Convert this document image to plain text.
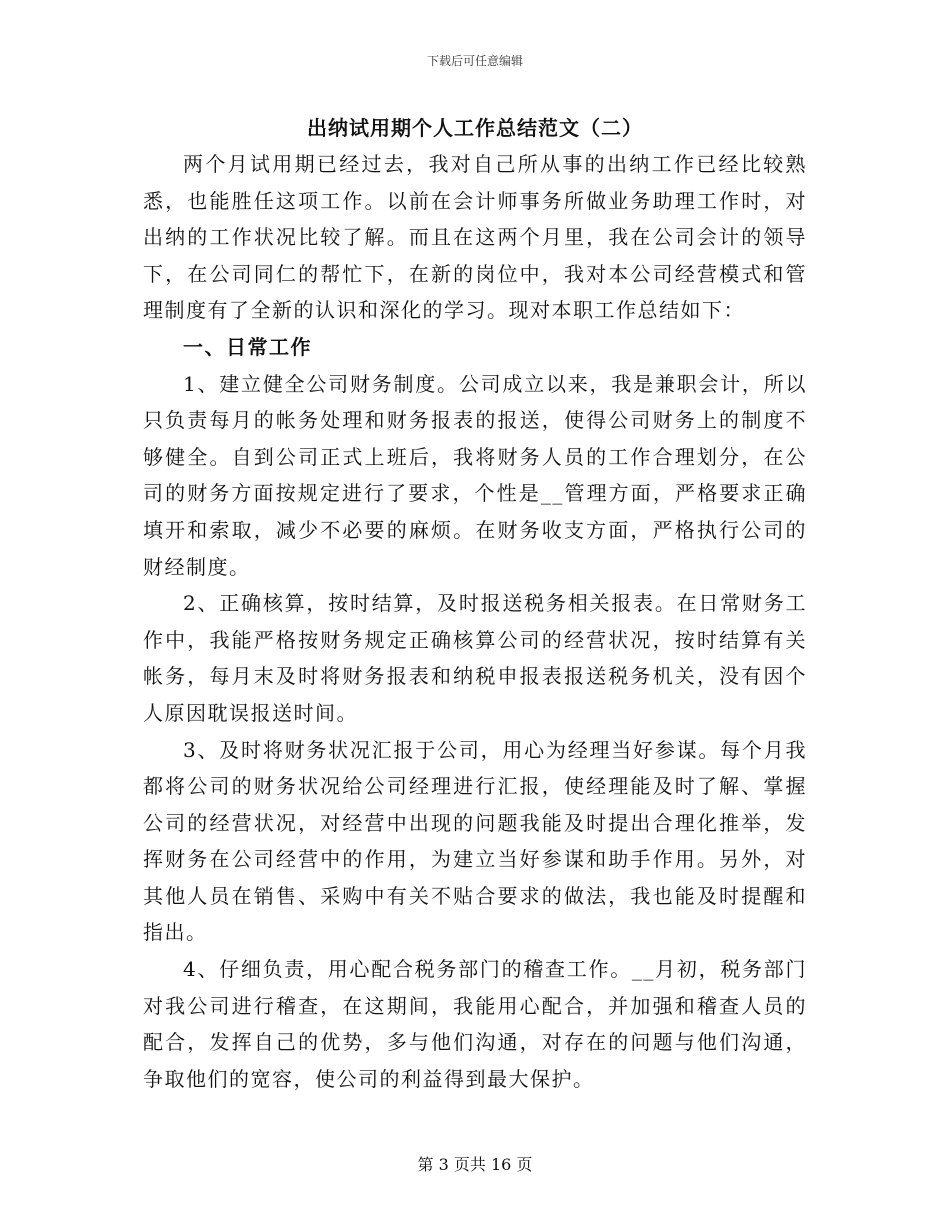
下载后可任意编辑
出纳试用期个人工作总结范文（二）

两个月试用期已经过去，我对自己所从事的出纳工作已经比较熟悉，也能胜任这项工作。以前在会计师事务所做业务助理工作时，对出纳的工作状况比较了解。而且在这两个月里，我在公司会计的领导下，在公司同仁的帮忙下，在新的岗位中，我对本公司经营模式和管理制度有了全新的认识和深化的学习。现对本职工作总结如下：

一、日常工作

1、建立健全公司财务制度。公司成立以来，我是兼职会计，所以只负责每月的帐务处理和财务报表的报送，使得公司财务上的制度不够健全。自到公司正式上班后，我将财务人员的工作合理划分，在公司的财务方面按规定进行了要求，个性是__管理方面，严格要求正确填开和索取，减少不必要的麻烦。在财务收支方面，严格执行公司的财经制度。

2、正确核算，按时结算，及时报送税务相关报表。在日常财务工作中，我能严格按财务规定正确核算公司的经营状况，按时结算有关帐务，每月末及时将财务报表和纳税申报表报送税务机关，没有因个人原因耽误报送时间。

3、及时将财务状况汇报于公司，用心为经理当好参谋。每个月我都将公司的财务状况给公司经理进行汇报，使经理能及时了解、掌握公司的经营状况，对经营中出现的问题我能及时提出合理化推举，发挥财务在公司经营中的作用，为建立当好参谋和助手作用。另外，对其他人员在销售、采购中有关不贴合要求的做法，我也能及时提醒和指出。

4、仔细负责，用心配合税务部门的稽查工作。__月初，税务部门对我公司进行稽查，在这期间，我能用心配合，并加强和稽查人员的配合，发挥自己的优势，多与他们沟通，对存在的问题与他们沟通，争取他们的宽容，使公司的利益得到最大保护。

第 3 页共 16 页
